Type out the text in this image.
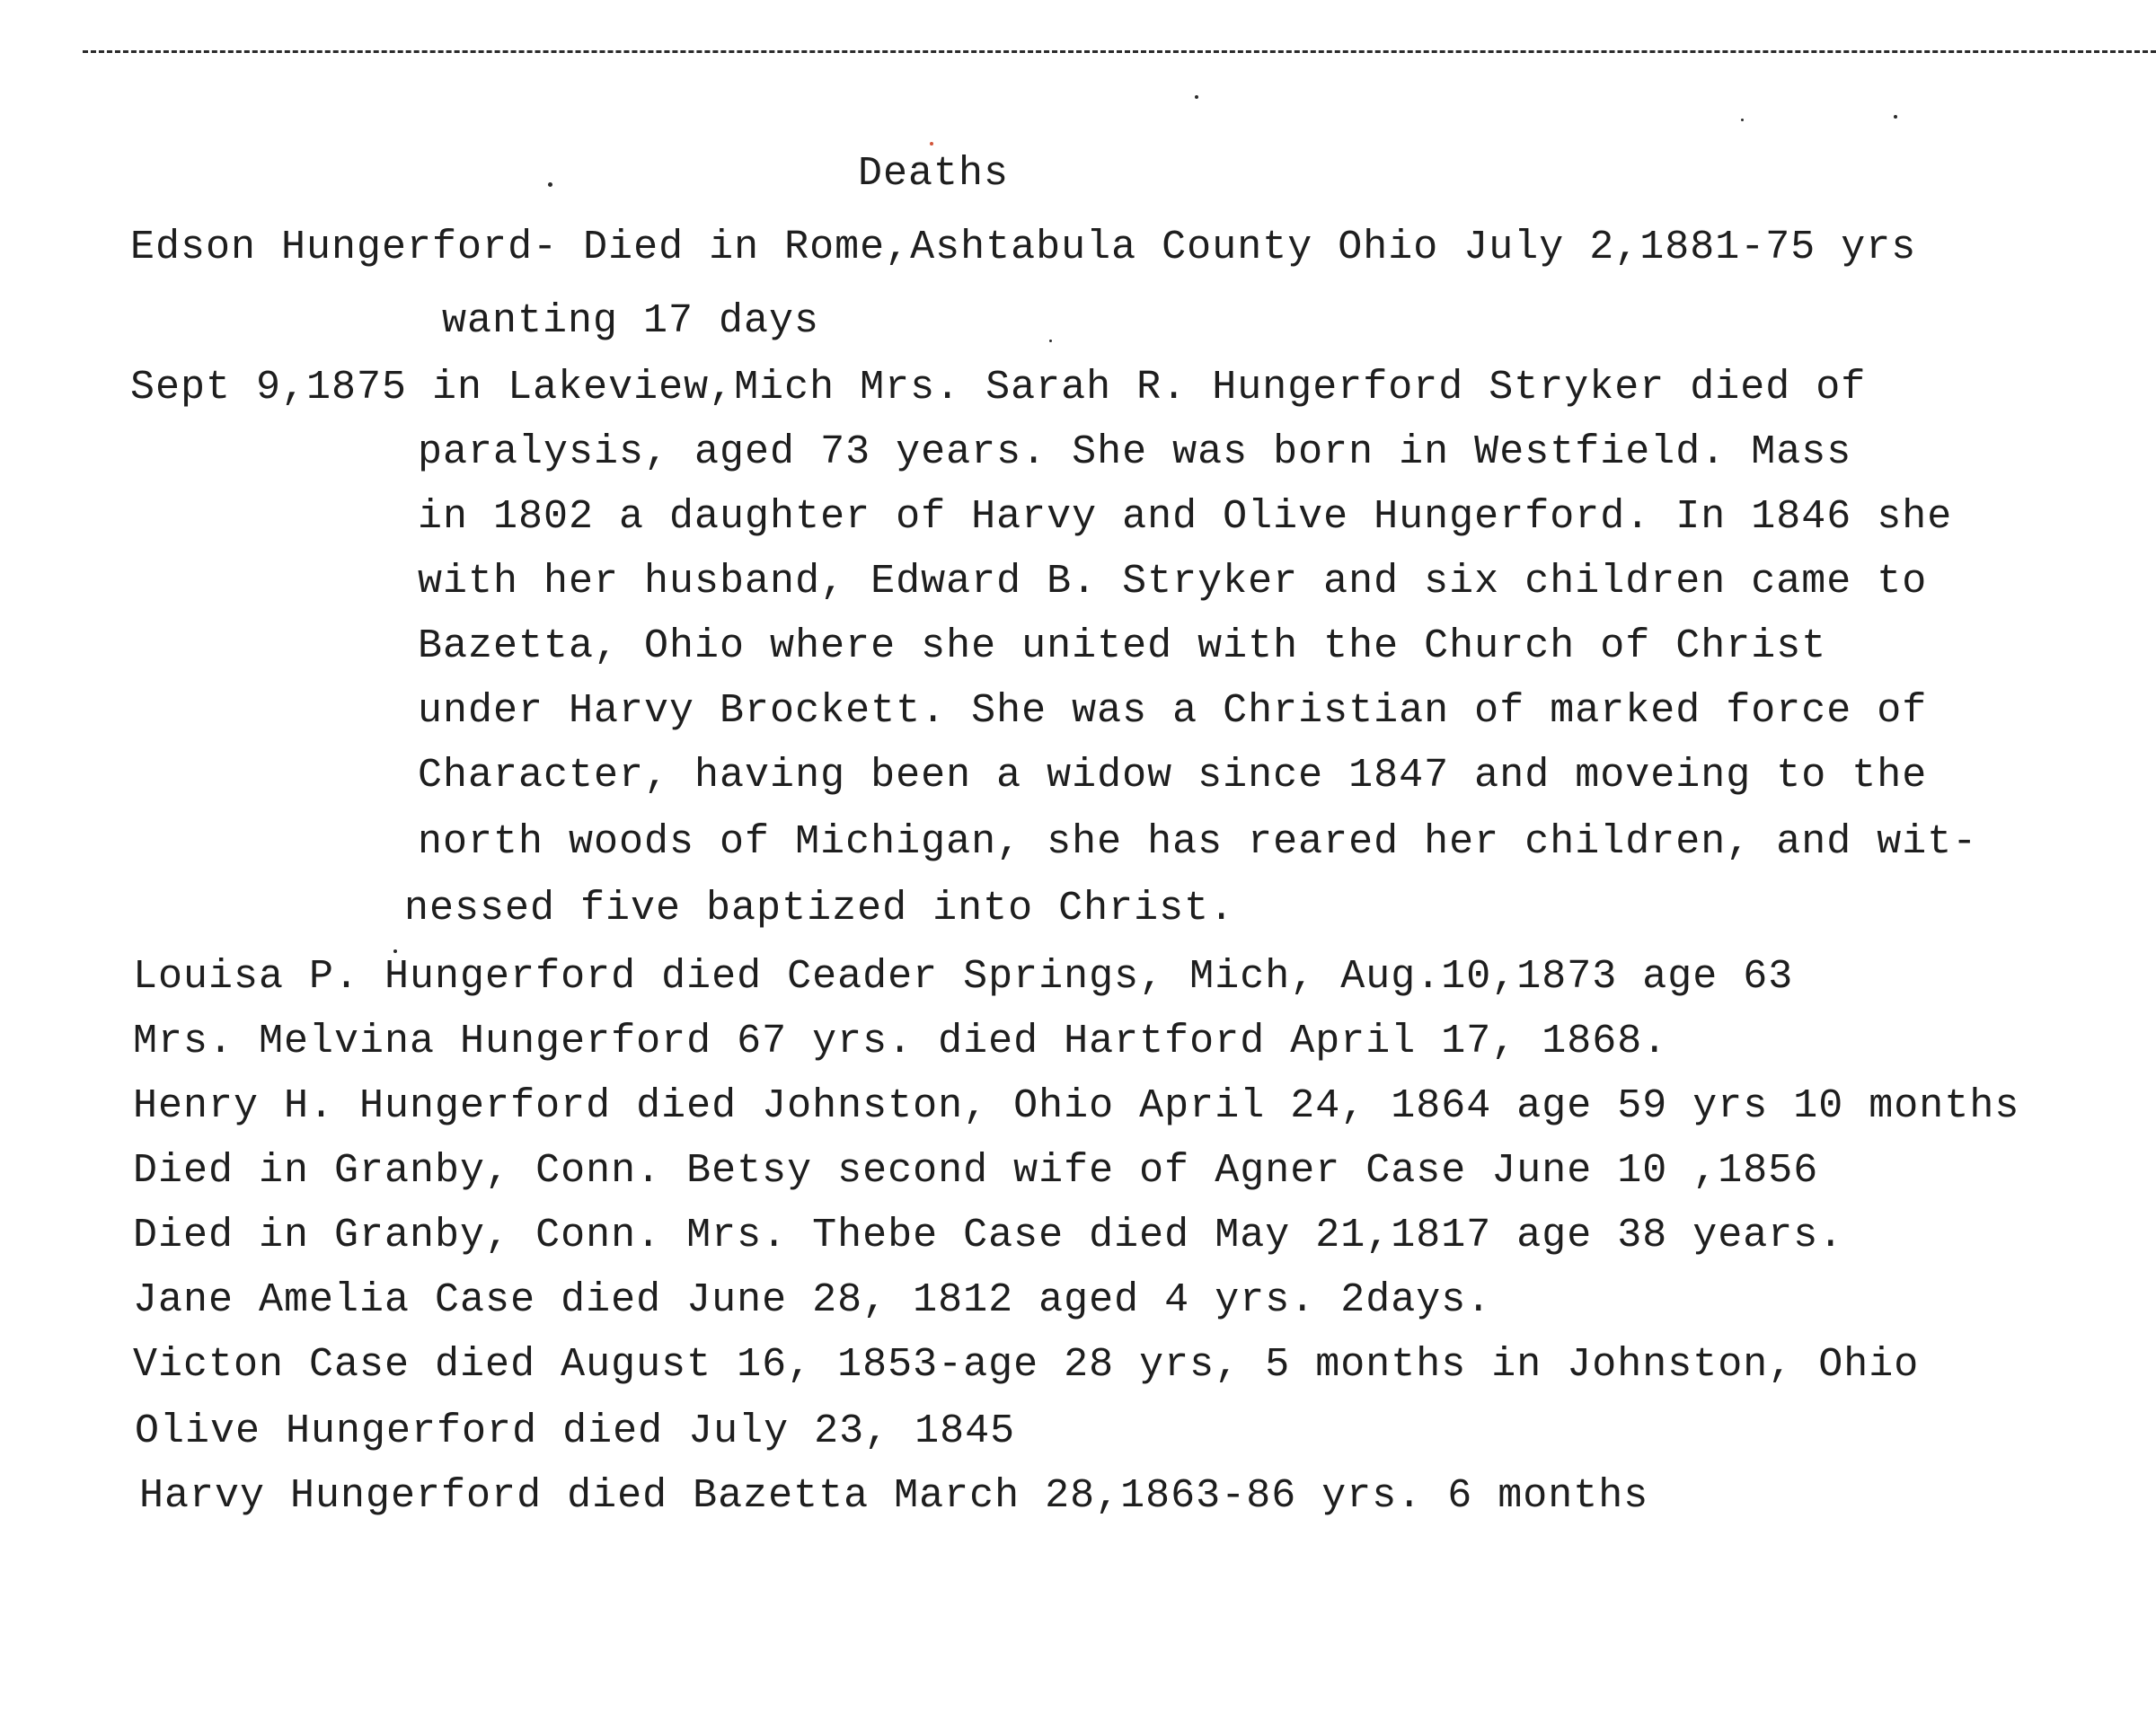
Deaths
Edson Hungerford- Died in Rome,Ashtabula County Ohio July 2,1881-75 yrs
wanting 17 days
Sept 9,1875 in Lakeview,Mich Mrs. Sarah R. Hungerford Stryker died of
paralysis, aged 73 years. She was born in Westfield. Mass
in 1802 a daughter of Harvy and Olive Hungerford. In 1846 she
with her husband, Edward B. Stryker and six children came to
Bazetta, Ohio where she united with the Church of Christ
under Harvy Brockett. She was a Christian of marked force of
Character, having been a widow since 1847 and moveing to the
north woods of Michigan, she has reared her children, and wit-
nessed five baptized into Christ.
Louisa P. Hungerford died Ceader Springs, Mich, Aug.10,1873 age 63
Mrs. Melvina Hungerford 67 yrs. died Hartford April 17, 1868.
Henry H. Hungerford died Johnston, Ohio April 24, 1864 age 59 yrs 10 months
Died in Granby, Conn. Betsy second wife of Agner Case June 10 ,1856
Died in Granby, Conn. Mrs. Thebe Case died May 21,1817 age 38 years.
Jane Amelia Case died June 28, 1812 aged 4 yrs. 2days.
Victon Case died August 16, 1853-age 28 yrs, 5 months in Johnston, Ohio
Olive Hungerford died July 23, 1845
Harvy Hungerford died Bazetta March 28,1863-86 yrs. 6 months
